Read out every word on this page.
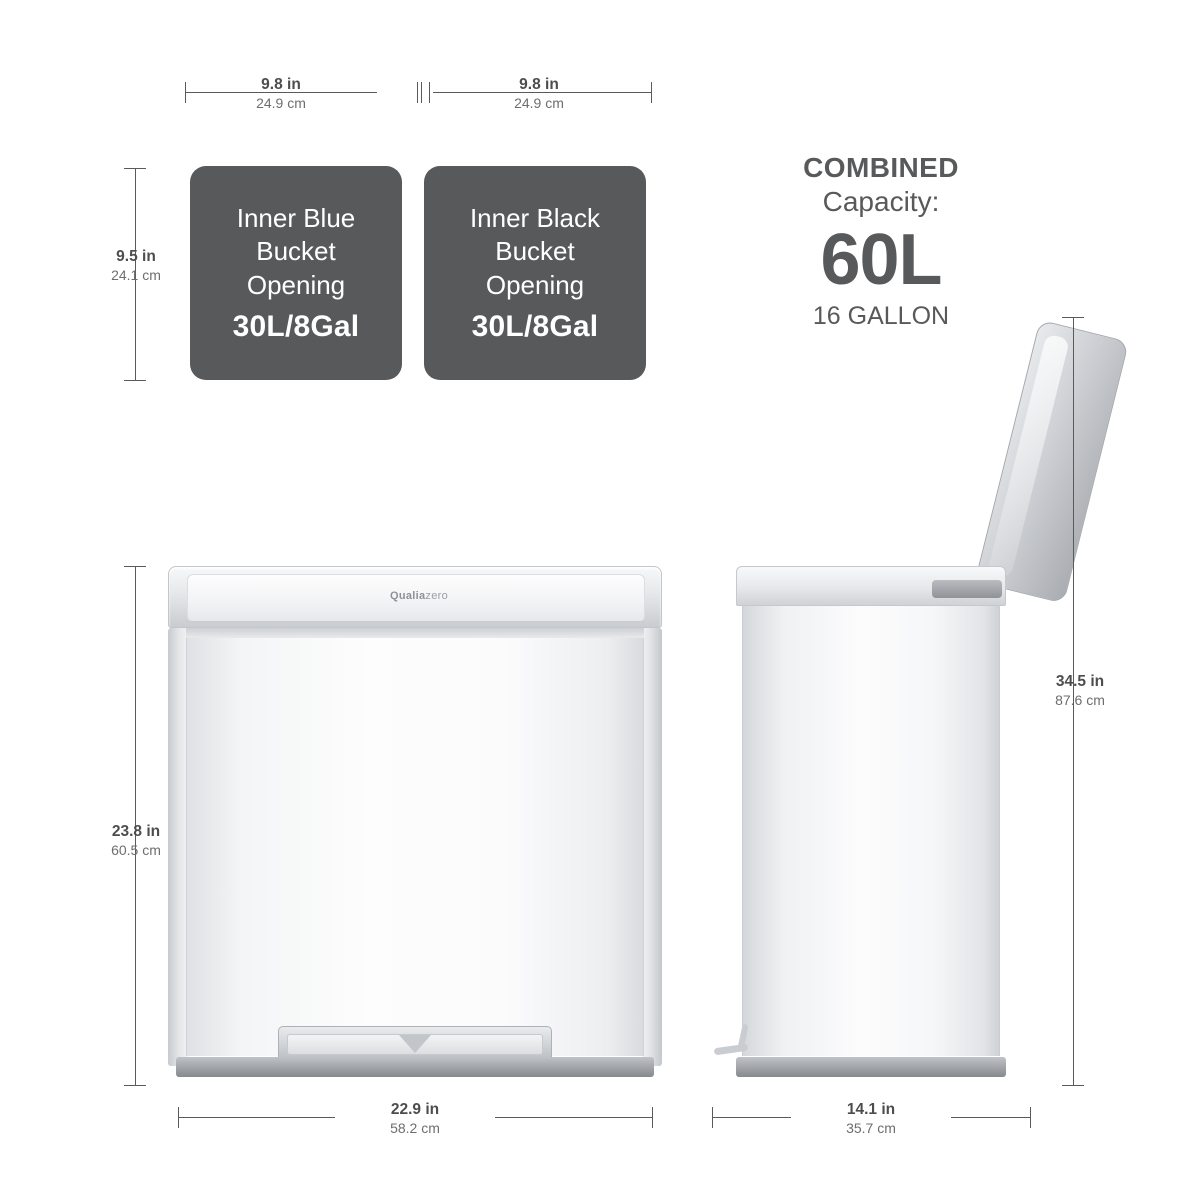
9.8 in
24.9 cm
9.8 in
24.9 cm
9.5 in
24.1 cm
Inner Blue
Bucket
Opening
30L/8Gal
Inner Black
Bucket
Opening
30L/8Gal
COMBINED
Capacity:
60L
16 GALLON
Qualiazero
23.8 in
60.5 cm
34.5 in
87.6 cm
22.9 in
58.2 cm
14.1 in
35.7 cm
